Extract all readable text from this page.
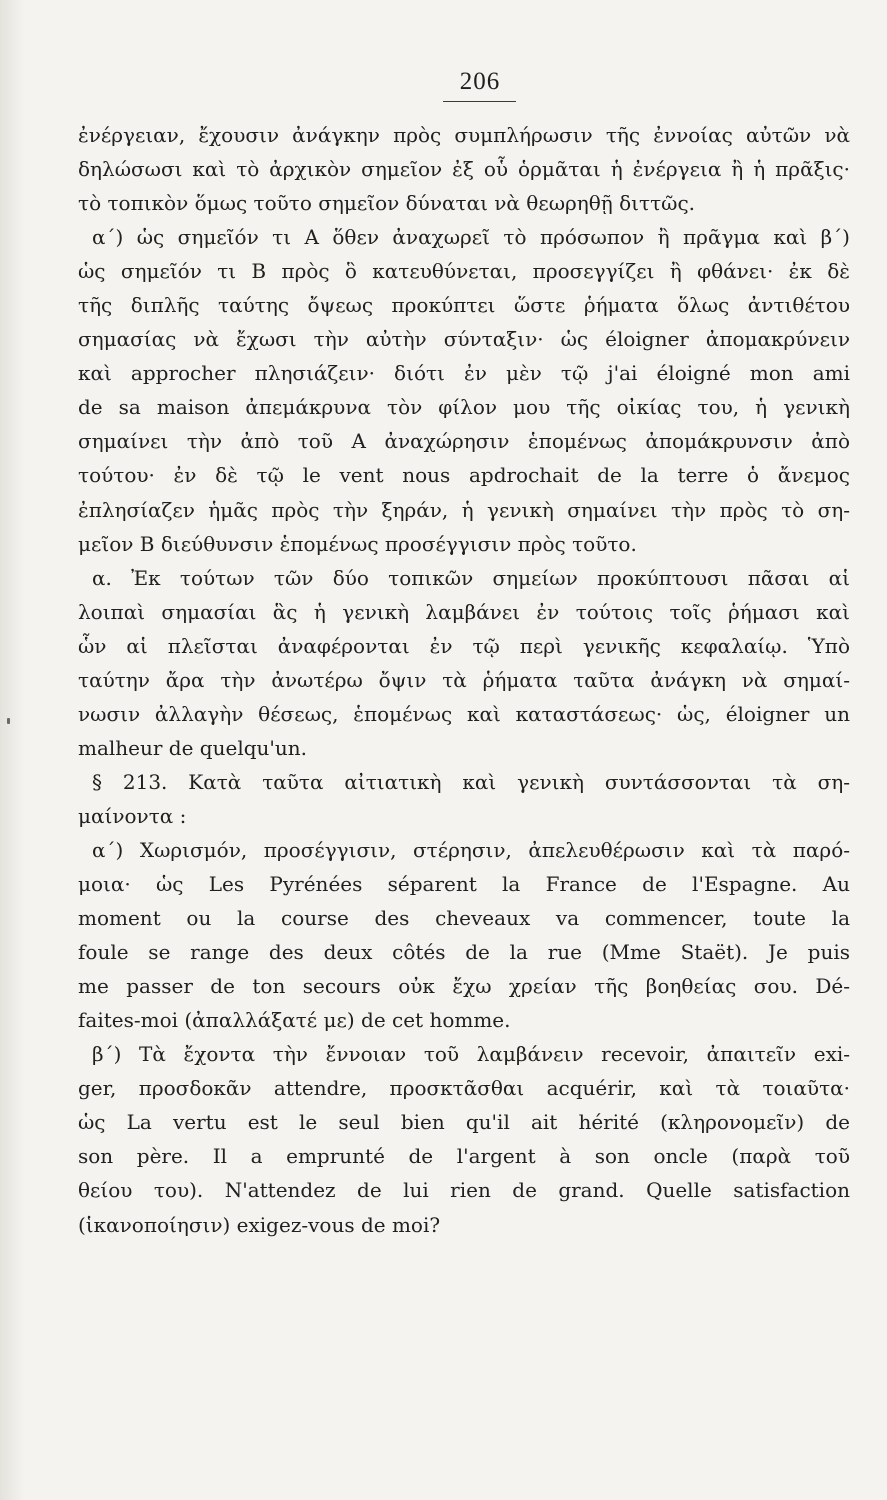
206
ἐνέργειαν, ἔχουσιν ἀνάγκην πρὸς συμπλήρωσιν τῆς ἐννοίας αὐτῶν νὰ
δηλώσωσι καὶ τὸ ἀρχικὸν σημεῖον ἐξ οὗ ὁρμᾶται ἡ ἐνέργεια ἢ ἡ πρᾶξις·
τὸ τοπικὸν ὅμως τοῦτο σημεῖον δύναται νὰ θεωρηθῇ διττῶς.
α΄) ὡς σημεῖόν τι Α ὅθεν ἀναχωρεῖ τὸ πρόσωπον ἢ πρᾶγμα καὶ β΄)
ὡς σημεῖόν τι Β πρὸς ὃ κατευθύνεται, προσεγγίζει ἢ φθάνει· ἐκ δὲ
τῆς διπλῆς ταύτης ὄψεως προκύπτει ὥστε ῥήματα ὅλως ἀντιθέτου
σημασίας νὰ ἔχωσι τὴν αὐτὴν σύνταξιν· ὡς éloigner ἀπομακρύνειν
καὶ approcher πλησιάζειν· διότι ἐν μὲν τῷ j'ai éloigné mon ami
de sa maison ἀπεμάκρυνα τὸν φίλον μου τῆς οἰκίας του, ἡ γενικὴ
σημαίνει τὴν ἀπὸ τοῦ Α ἀναχώρησιν ἑπομένως ἀπομάκρυνσιν ἀπὸ
τούτου· ἐν δὲ τῷ le vent nous apdrochait de la terre ὁ ἄνεμος
ἐπλησίαζεν ἡμᾶς πρὸς τὴν ξηράν, ἡ γενικὴ σημαίνει τὴν πρὸς τὸ ση-
μεῖον Β διεύθυνσιν ἑπομένως προσέγγισιν πρὸς τοῦτο.
α. Ἐκ τούτων τῶν δύο τοπικῶν σημείων προκύπτουσι πᾶσαι αἱ
λοιπαὶ σημασίαι ἃς ἡ γενικὴ λαμβάνει ἐν τούτοις τοῖς ῥήμασι καὶ
ὧν αἱ πλεῖσται ἀναφέρονται ἐν τῷ περὶ γενικῆς κεφαλαίῳ. Ὑπὸ
ταύτην ἄρα τὴν ἀνωτέρω ὄψιν τὰ ῥήματα ταῦτα ἀνάγκη νὰ σημαί-
νωσιν ἀλλαγὴν θέσεως, ἑπομένως καὶ καταστάσεως· ὡς, éloigner un
malheur de quelqu'un.
§ 213. Κατὰ ταῦτα αἰτιατικὴ καὶ γενικὴ συντάσσονται τὰ ση-
μαίνοντα :
α΄) Χωρισμόν, προσέγγισιν, στέρησιν, ἀπελευθέρωσιν καὶ τὰ παρό-
μοια· ὡς Les Pyrénées séparent la France de l'Espagne. Au
moment ou la course des cheveaux va commencer, toute la
foule se range des deux côtés de la rue (Mme Staët). Je puis
me passer de ton secours οὐκ ἔχω χρείαν τῆς βοηθείας σου. Dé-
faites-moi (ἀπαλλάξατέ με) de cet homme.
β΄) Τὰ ἔχοντα τὴν ἔννοιαν τοῦ λαμβάνειν recevoir, ἀπαιτεῖν exi-
ger, προσδοκᾶν attendre, προσκτᾶσθαι acquérir, καὶ τὰ τοιαῦτα·
ὡς La vertu est le seul bien qu'il ait hérité (κληρονομεῖν) de
son père. Il a emprunté de l'argent à son oncle (παρὰ τοῦ
θείου του). N'attendez de lui rien de grand. Quelle satisfaction
(ἱκανοποίησιν) exigez-vous de moi?
